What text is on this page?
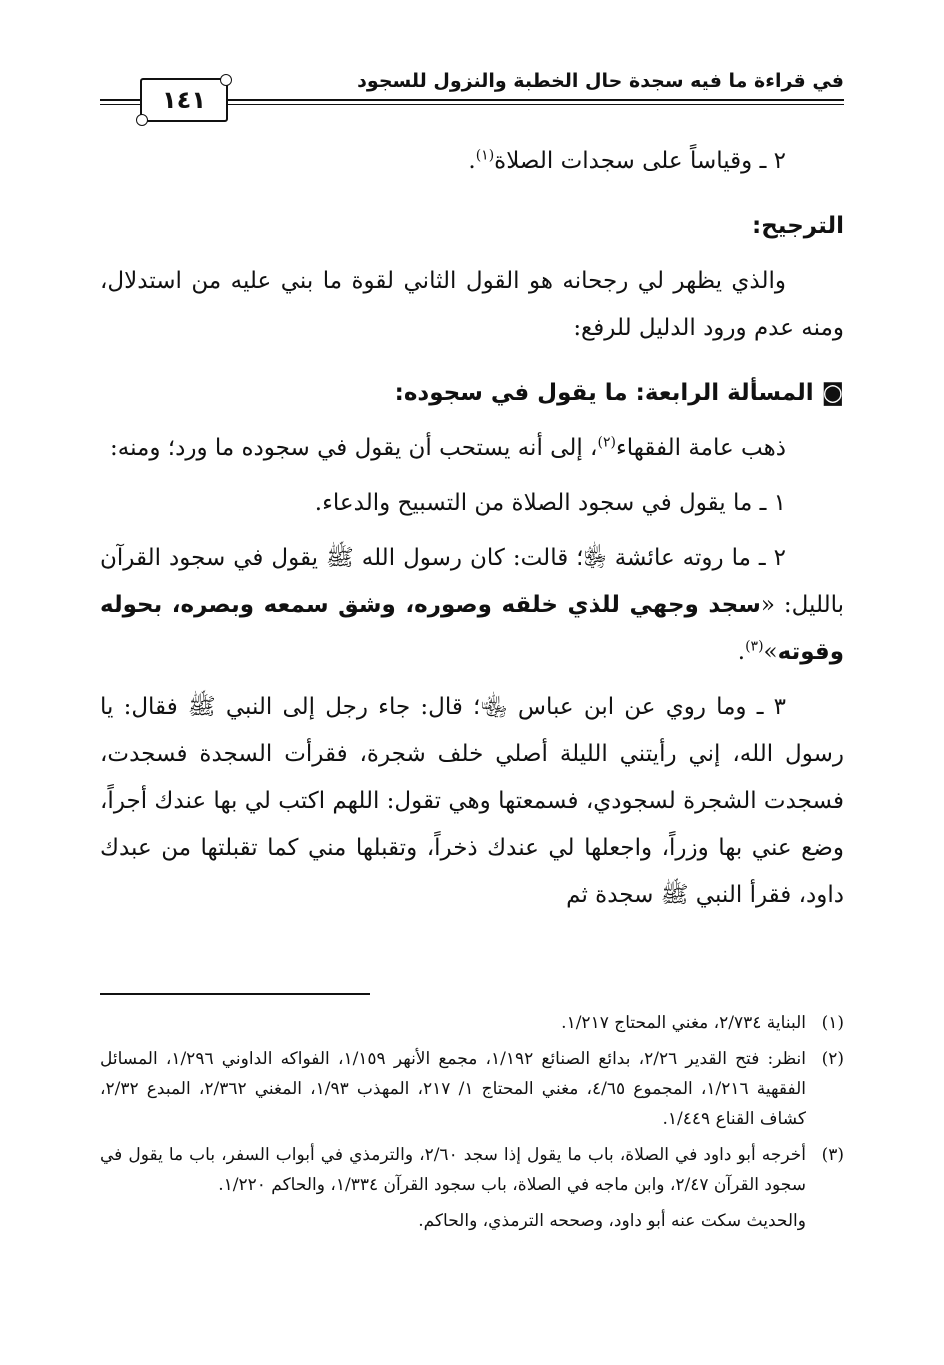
في قراءة ما فيه سجدة حال الخطبة والنزول للسجود
١٤١

٢ ـ وقياساً على سجدات الصلاة$^{(١)}$.

الترجيح:

والذي يظهر لي رجحانه هو القول الثاني لقوة ما بني عليه من استدلال، ومنه عدم ورود الدليل للرفع:

◙المسألة الرابعة: ما يقول في سجوده:

ذهب عامة الفقهاء$^{(٢)}$، إلى أنه يستحب أن يقول في سجوده ما ورد؛ ومنه:

١ ـ ما يقول في سجود الصلاة من التسبيح والدعاء.

٢ ـ ما روته عائشة ﵂؛ قالت: كان رسول الله ﷺ يقول في سجود القرآن بالليل: «سجد وجهي للذي خلقه وصوره، وشق سمعه وبصره، بحوله وقوته»$^{(٣)}$.

٣ ـ وما روي عن ابن عباس ﵄؛ قال: جاء رجل إلى النبي ﷺ فقال: يا رسول الله، إني رأيتني الليلة أصلي خلف شجرة، فقرأت السجدة فسجدت، فسجدت الشجرة لسجودي، فسمعتها وهي تقول: اللهم اكتب لي بها عندك أجراً، وضع عني بها وزراً، واجعلها لي عندك ذخراً، وتقبلها مني كما تقبلتها من عبدك داود، فقرأ النبي ﷺ سجدة ثم

(١)
البناية ٢/٧٣٤، مغني المحتاج ١/٢١٧.
(٢)
انظر: فتح القدير ٢/٢٦، بدائع الصنائع ١/١٩٢، مجمع الأنهر ١/١٥٩، الفواكه الداوني ١/٢٩٦، المسائل الفقهية ١/٢١٦، المجموع ٤/٦٥، مغني المحتاج ١/ ٢١٧، المهذب ١/٩٣، المغني ٢/٣٦٢، المبدع ٢/٣٢، كشاف القناع ١/٤٤٩.
(٣)
أخرجه أبو داود في الصلاة، باب ما يقول إذا سجد ٢/٦٠، والترمذي في أبواب السفر، باب ما يقول في سجود القرآن ٢/٤٧، وابن ماجه في الصلاة، باب سجود القرآن ١/٣٣٤، والحاكم ١/٢٢٠.

والحديث سكت عنه أبو داود، وصححه الترمذي، والحاكم.
